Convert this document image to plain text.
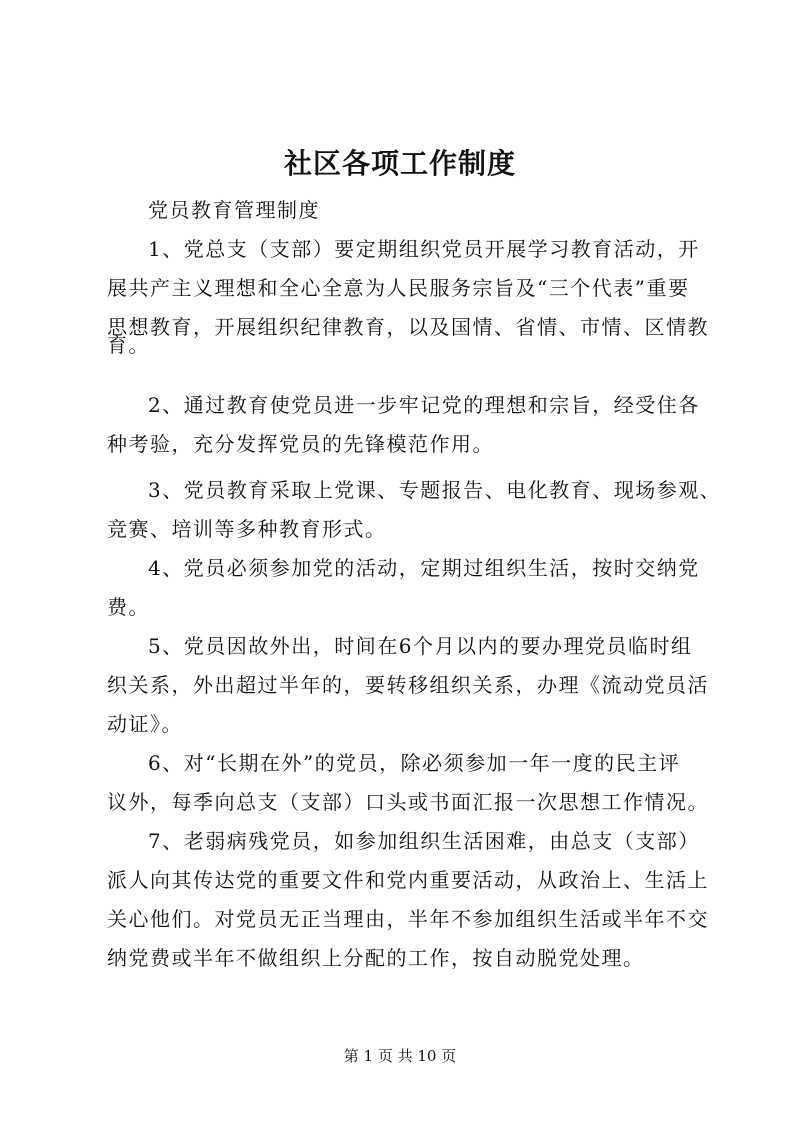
社区各项工作制度
党员教育管理制度
1、党总支（支部）要定期组织党员开展学习教育活动，开
展共产主义理想和全心全意为人民服务宗旨及“三个代表”重要
思想教育，开展组织纪律教育，以及国情、省情、市情、区情教
育。
2、通过教育使党员进一步牢记党的理想和宗旨，经受住各
种考验，充分发挥党员的先锋模范作用。
3、党员教育采取上党课、专题报告、电化教育、现场参观、
竞赛、培训等多种教育形式。
4、党员必须参加党的活动，定期过组织生活，按时交纳党
费。
5、党员因故外出，时间在6个月以内的要办理党员临时组
织关系，外出超过半年的，要转移组织关系，办理《流动党员活
动证》。
6、对“长期在外”的党员，除必须参加一年一度的民主评
议外，每季向总支（支部）口头或书面汇报一次思想工作情况。
7、老弱病残党员，如参加组织生活困难，由总支（支部）
派人向其传达党的重要文件和党内重要活动，从政治上、生活上
关心他们。对党员无正当理由，半年不参加组织生活或半年不交
纳党费或半年不做组织上分配的工作，按自动脱党处理。
第 1 页 共 10 页
